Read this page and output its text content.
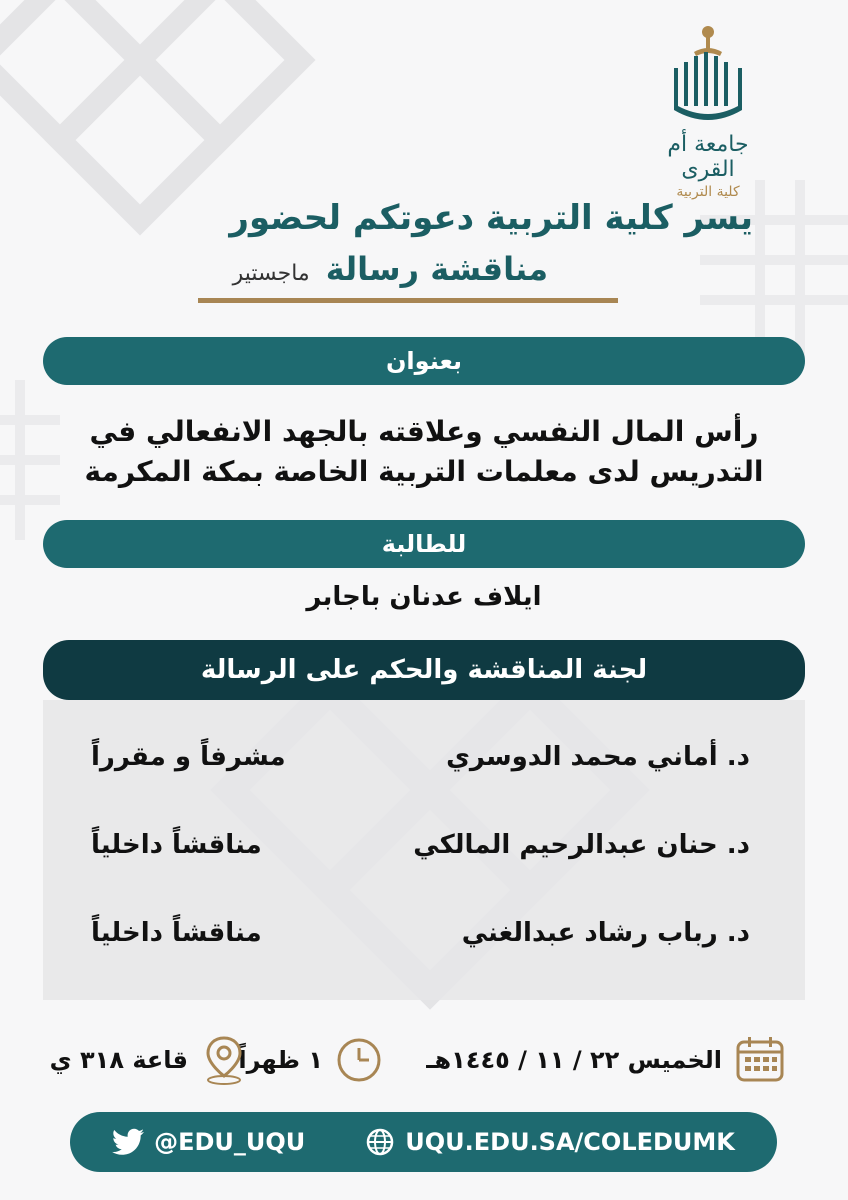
جامعة أم القرى
كلية التربية
يسر كلية التربية دعوتكم لحضور
مناقشة رسالة
ماجستير
بعنوان
رأس المال النفسي وعلاقته بالجهد الانفعالي في التدريس لدى معلمات التربية الخاصة بمكة المكرمة
للطالبة
ايلاف عدنان باجابر
لجنة المناقشة والحكم على الرسالة
د. أماني محمد الدوسري
مشرفاً و مقرراً
د. حنان عبدالرحيم المالكي
مناقشاً داخلياً
د. رباب رشاد عبدالغني
مناقشاً داخلياً
الخميس ٢٢ / ١١ / ١٤٤٥هـ
١ ظهراً
قاعة ٣١٨ ي
@EDU_UQU	UQU.EDU.SA/COLEDUMK
